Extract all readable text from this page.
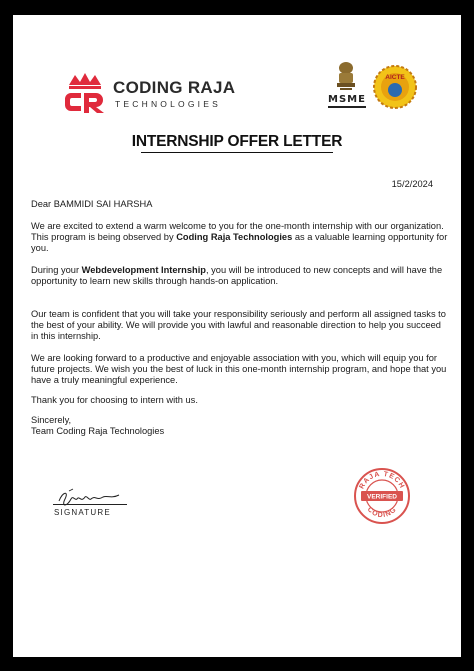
CODING RAJA
TECHNOLOGIES	MSME
AICTE
INTERNSHIP OFFER LETTER
15/2/2024
Dear BAMMIDI SAI HARSHA
We are excited to extend a warm welcome to you for the one-month internship with our organization. This program is being observed by Coding Raja Technologies as a valuable learning opportunity for you.
During your Webdevelopment Internship, you will be introduced to new concepts and will have the opportunity to learn new skills through hands-on application.
Our team is confident that you will take your responsibility seriously and perform all assigned tasks to the best of your ability. We will provide you with lawful and reasonable direction to help you succeed in this internship.
We are looking forward to a productive and enjoyable association with you, which will equip you for future projects. We wish you the best of luck in this one-month internship program, and hope that you have a truly meaningful experience.
Thank you for choosing to intern with us.
Sincerely,
Team Coding Raja Technologies
SIGNATURE
RAJA TECH
CODING
VERIFIED
